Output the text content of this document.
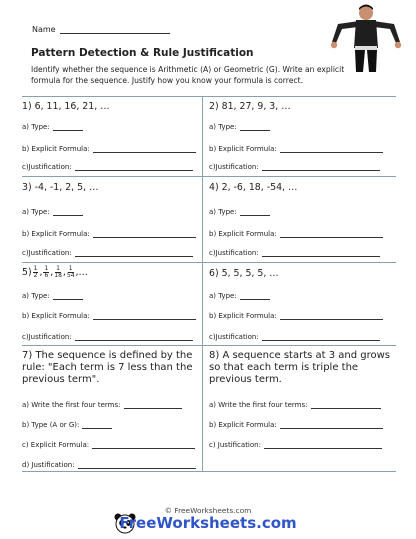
Name
Pattern Detection & Rule Justification
Identify whether the sequence is Arithmetic (A) or Geometric (G). Write an explicit formula for the sequence. Justify how you know your formula is correct.
1) 6, 11, 16, 21, …	2) 81, 27, 9, 3, …
a) Type:	a) Type:
b) Explicit Formula:	b) Explicit Formula:
c)Justification:	c)Justification:
3) -4, -1, 2, 5, …	4) 2, -6, 18, -54, …
a) Type:	a) Type:
b) Explicit Formula:	b) Explicit Formula:
c)Justification:	c)Justification:
$5) \frac{1}{2}$ , $\frac{1}{6}$ , $\frac{1}{18}$ , $\frac{1}{54}$ , …	6) 5, 5, 5, 5, …
a) Type:	a) Type:
b) Explicit Formula:	b) Explicit Formula:
c)Justification:	c)Justification:
7) The sequence is defined by the rule: "Each term is 7 less than the previous term".
8) A sequence starts at 3 and grows so that each term is triple the previous term.
a) Write the first four terms:	a) Write the first four terms:
b) Type (A or G):	b) Explicit Formula:
c) Explicit Formula:	c) Justification:
d) Justification:
© FreeWorksheets.com
FreeWorksheets.com
